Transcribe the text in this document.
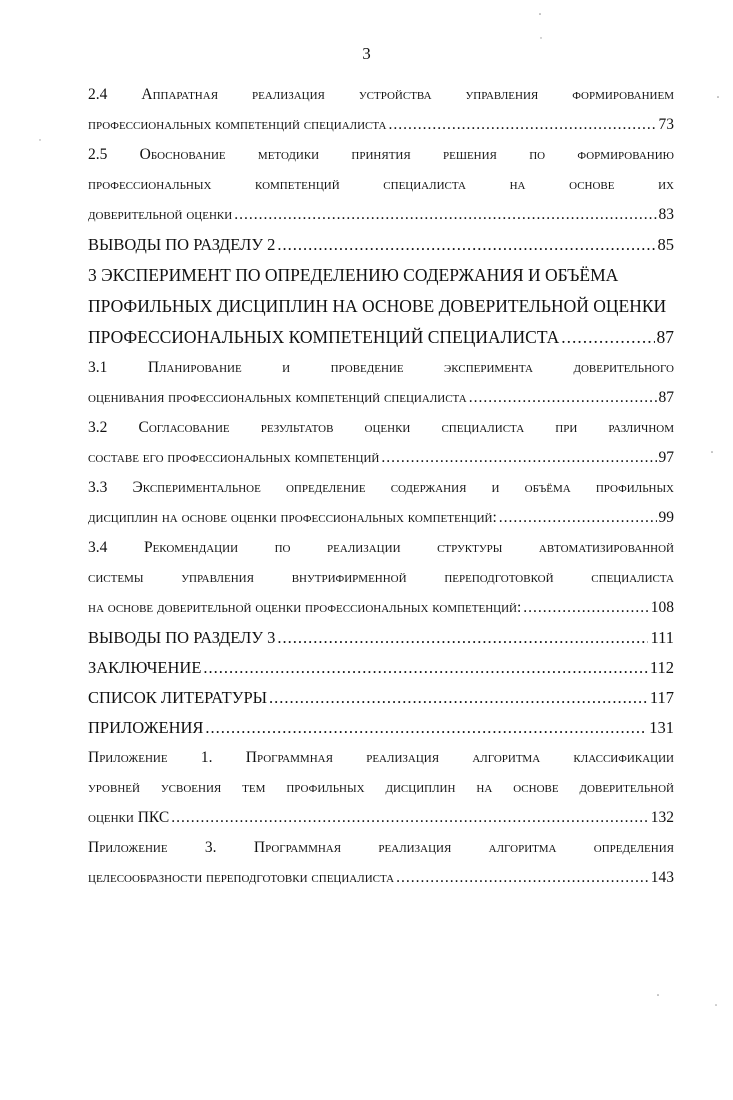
3
2.4 Аппаратная реализация устройства управления формированием
профессиональных компетенций специалиста .....	73
2.5 Обоснование методики принятия решения по формированию
профессиональных компетенций специалиста на основе их
доверительной оценки .....	83
ВЫВОДЫ ПО РАЗДЕЛУ 2 .....	85
3 ЭКСПЕРИМЕНТ ПО ОПРЕДЕЛЕНИЮ СОДЕРЖАНИЯ И ОБЪЁМА
ПРОФИЛЬНЫХ ДИСЦИПЛИН НА ОСНОВЕ ДОВЕРИТЕЛЬНОЙ ОЦЕНКИ
ПРОФЕССИОНАЛЬНЫХ КОМПЕТЕНЦИЙ СПЕЦИАЛИСТА .....	87
3.1 Планирование и проведение эксперимента доверительного
оценивания профессиональных компетенций специалиста .....	87
3.2 Согласование результатов оценки специалиста при различном
составе его профессиональных компетенций .....	97
3.3 Экспериментальное определение содержания и объёма профильных
дисциплин на основе оценки профессиональных компетенций: .....	99
3.4 Рекомендации по реализации структуры автоматизированной
системы управления внутрифирменной переподготовкой специалиста
на основе доверительной оценки профессиональных компетенций: .....	108
ВЫВОДЫ ПО РАЗДЕЛУ 3 .....	111
ЗАКЛЮЧЕНИЕ .....	112
СПИСОК ЛИТЕРАТУРЫ .....	117
ПРИЛОЖЕНИЯ .....	131
Приложение 1. Программная реализация алгоритма классификации
уровней усвоения тем профильных дисциплин на основе доверительной
оценки ПКС .....	132
Приложение 3. Программная реализация алгоритма определения
целесообразности переподготовки специалиста .....	143
